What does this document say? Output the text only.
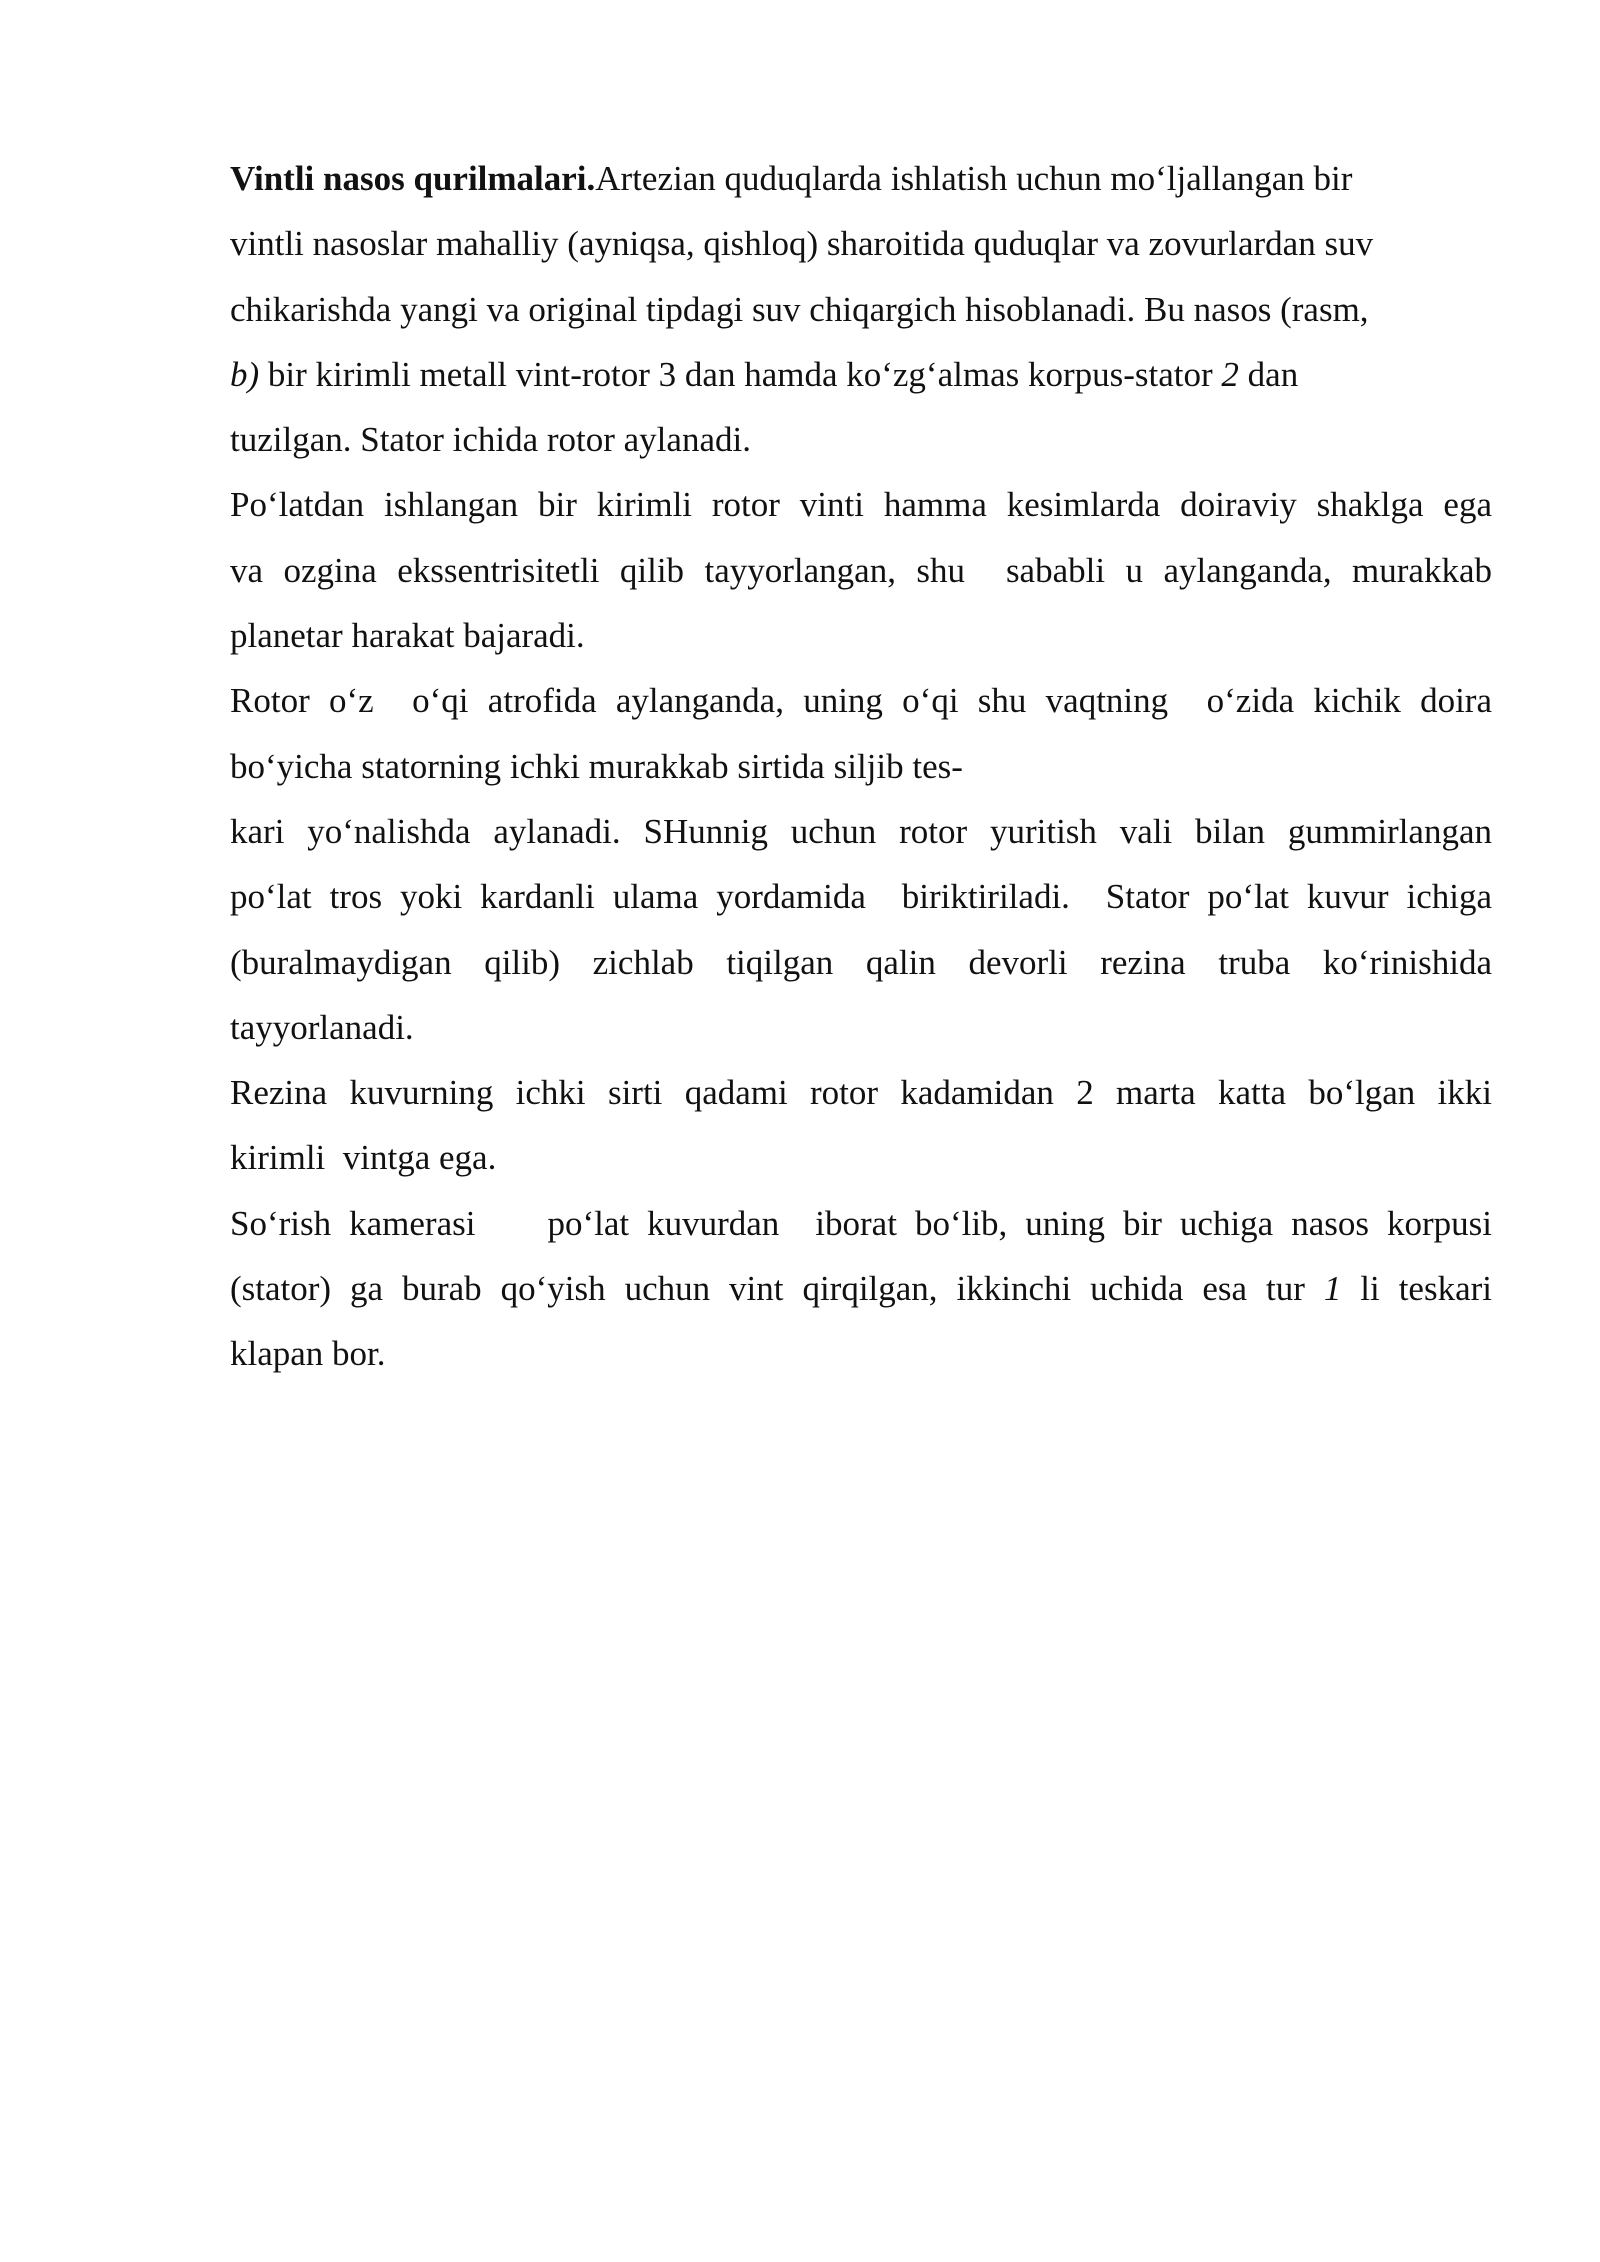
Vintli nasos qurilmalari.Artezian quduqlarda ishlatish uchun mo‘ljallangan bir
vintli nasoslar mahalliy (ayniqsa, qishloq) sharoitida quduqlar va zovurlardan suv
chikarishda yangi va original tipdagi suv chiqargich hisoblanadi. Bu nasos (rasm,
b) bir kirimli metall vint-rotor 3 dan hamda ko‘zg‘almas korpus-stator 2 dan
tuzilgan. Stator ichida rotor aylanadi.
Po‘latdan ishlangan bir kirimli rotor vinti hamma kesimlarda doiraviy shaklga ega
va ozgina ekssentrisitetli qilib tayyorlangan, shu  sababli u aylanganda, murakkab
planetar harakat bajaradi.
Rotor o‘z  o‘qi atrofida aylanganda, uning o‘qi shu vaqtning  o‘zida kichik doira
bo‘yicha statorning ichki murakkab sirtida siljib tes-
kari yo‘nalishda aylanadi. SHunnig uchun rotor yuritish vali bilan gummirlangan
po‘lat tros yoki kardanli ulama yordamida  biriktiriladi.  Stator po‘lat kuvur ichiga
(buralmaydigan  qilib)  zichlab  tiqilgan  qalin  devorli  rezina  truba  ko‘rinishida
tayyorlanadi.
Rezina kuvurning ichki sirti qadami rotor kadamidan 2 marta katta bo‘lgan ikki
kirimli  vintga ega.
So‘rish kamerasi    po‘lat kuvurdan  iborat bo‘lib, uning bir uchiga nasos korpusi
(stator) ga burab qo‘yish uchun vint qirqilgan, ikkinchi uchida esa tur 1 li teskari
klapan bor.
